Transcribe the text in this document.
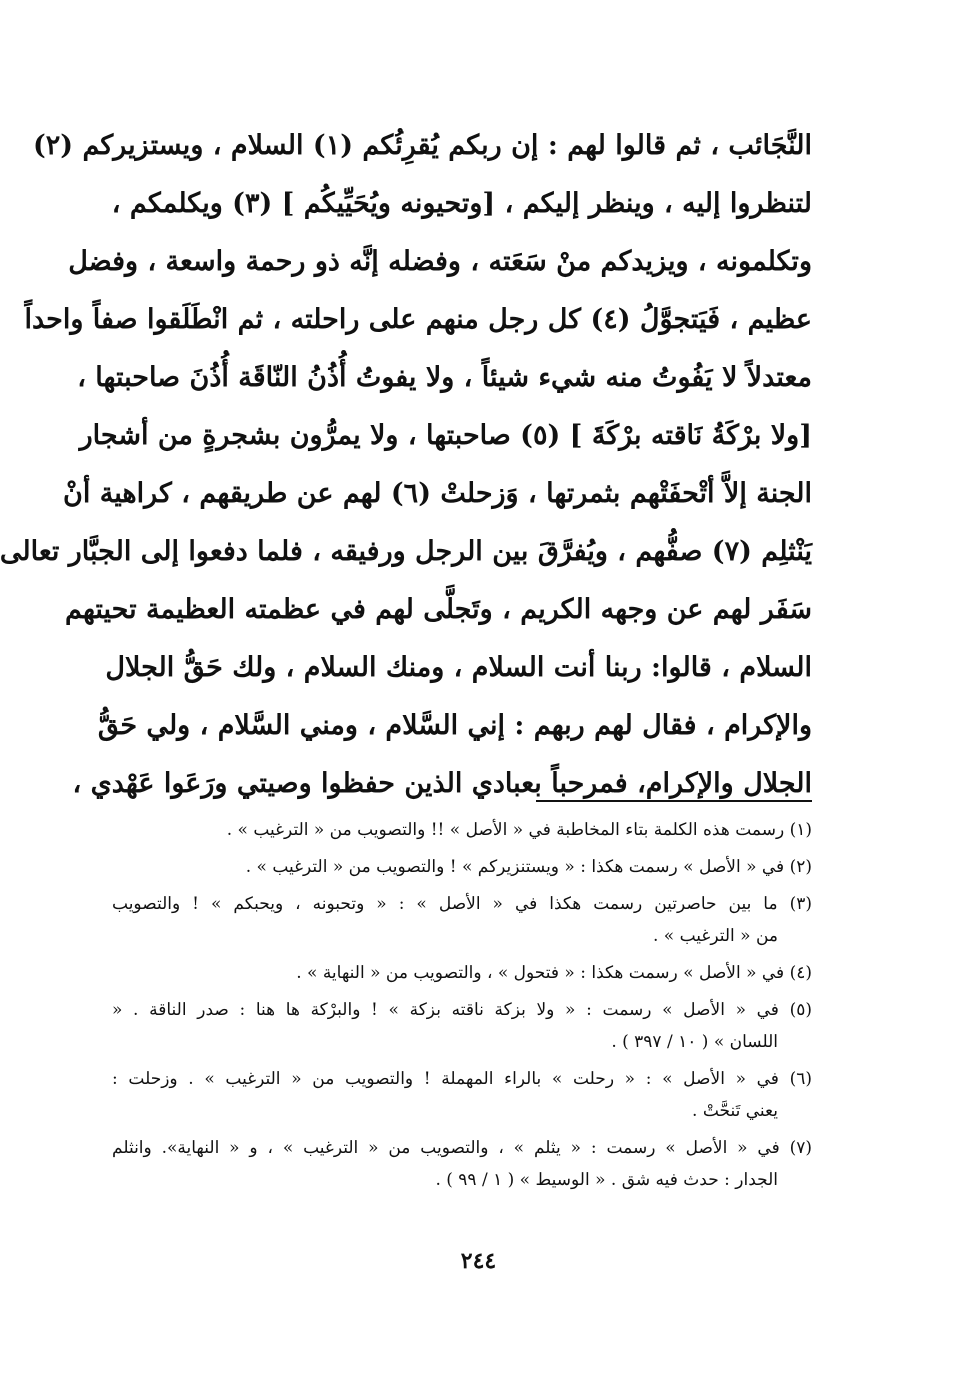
النَّجَائب ، ثم قالوا لهم : إن ربكم يُقرِئُكم (١) السلام ، ويستزيركم (٢)
لتنظروا إليه ، وينظر إليكم ، [وتحيونه ويُحَيِّيكُم ] (٣) ويكلمكم ،
وتكلمونه ، ويزيدكم منْ سَعَته ، وفضله إنَّه ذو رحمة واسعة ، وفضل
عظيم ، فَيَتجوَّلُ (٤) كل رجل منهم على راحلته ، ثم انْطَلَقوا صفاً واحداً
معتدلاً لا يَفُوتُ منه شيء شيئاً ، ولا يفوتُ أُذُنُ النّاقَة أُذُنَ صاحبتها ،
[ولا برْكَةُ نَاقته برْكَةَ ] (٥) صاحبتها ، ولا يمرُّون بشجرةٍ من أشجار
الجنة إلاَّ أتْحفَتْهم بثمرتها ، وَزحلتْ (٦) لهم عن طريقهم ، كراهية أنْ
يَنْثلِم (٧) صفُّهم ، ويُفرَّقَ بين الرجل ورفيقه ، فلما دفعوا إلى الجبَّار تعالى
سَفَر لهم عن وجهه الكريم ، وتَجلَّى لهم في عظمته العظيمة تحيتهم
السلام ، قالوا: ربنا أنت السلام ، ومنك السلام ، ولك حَقُّ الجلال
والإكرام ، فقال لهم ربهم : إني السَّلام ، ومني السَّلام ، ولي حَقُّ
الجلال والإكرام، فمرحباً بعبادي الذين حفظوا وصيتي ورَعَوا عَهْدي ،
(١) رسمت هذه الكلمة بتاء المخاطبة في « الأصل » !! والتصويب من « الترغيب » .
(٢) في « الأصل » رسمت هكذا : « ويستنزيركم » ! والتصويب من « الترغيب » .
(٣) ما بين حاصرتين رسمت هكذا في « الأصل » : « وتحبونه ، ويحبكم » ! والتصويب
من « الترغيب » .
(٤) في « الأصل » رسمت هكذا : « فتحول » ، والتصويب من « النهاية » .
(٥) في « الأصل » رسمت : « ولا بزكة ناقته بزكة » ! والبرْكة ها هنا : صدر الناقة . «
اللسان » ( ١٠ / ٣٩٧ ) .
(٦) في « الأصل » : « رحلت » بالراء المهملة ! والتصويب من « الترغيب » . وزحلت :
يعني تَنحَّتْ .
(٧) في « الأصل » رسمت : « يثلم » ، والتصويب من « الترغيب » ، و « النهاية». وانثلم
الجدار : حدث فيه شق . « الوسيط » ( ١ / ٩٩ ) .
٢٤٤
